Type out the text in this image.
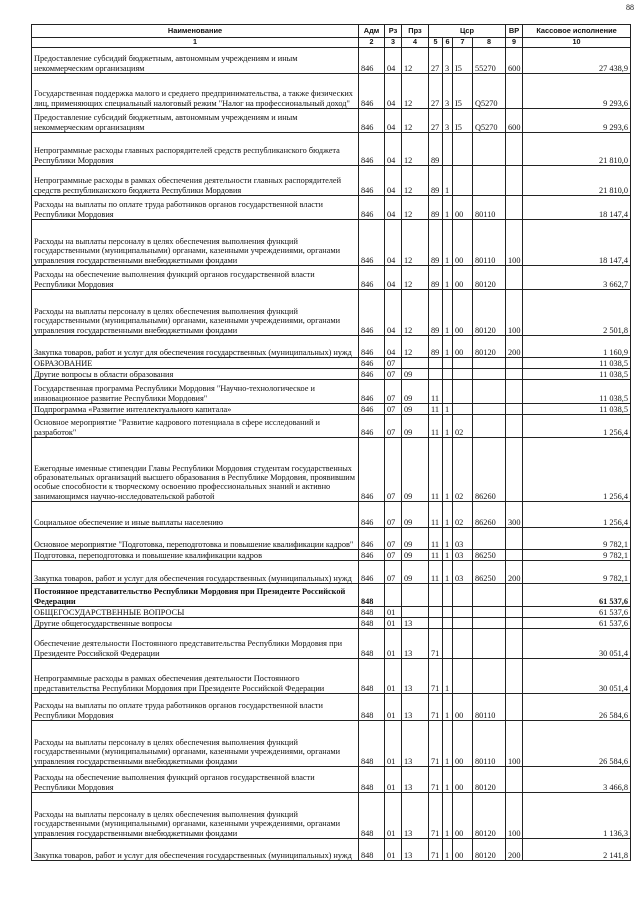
88
Наименование	Адм	Рз	Прз	Цср				ВР	Кассовое исполнение
1	2	3	4	5	6	7	8	9	10
Предоставление субсидий бюджетным, автономным учреждениям и иным некоммерческим организациям	846	04	12	27	3	I5	55270	600	27 438,9
Государственная поддержка малого и среднего предпринимательства, а также физических лиц, применяющих специальный налоговый режим "Налог на профессиональный доход"	846	04	12	27	3	I5	Q5270		9 293,6
Предоставление субсидий бюджетным, автономным учреждениям и иным некоммерческим организациям	846	04	12	27	3	I5	Q5270	600	9 293,6
Непрограммные расходы главных распорядителей средств республиканского бюджета Республики Мордовия	846	04	12	89					21 810,0
Непрограммные расходы в рамках обеспечения деятельности главных распорядителей средств республиканского бюджета Республики Мордовия	846	04	12	89	1				21 810,0
Расходы на выплаты по оплате труда работников органов государственной власти Республики Мордовия	846	04	12	89	1	00	80110		18 147,4
Расходы на выплаты персоналу в целях обеспечения выполнения функций государственными (муниципальными) органами, казенными учреждениями, органами управления государственными внебюджетными фондами	846	04	12	89	1	00	80110	100	18 147,4
Расходы на обеспечение выполнения функций органов государственной власти Республики Мордовия	846	04	12	89	1	00	80120		3 662,7
Расходы на выплаты персоналу в целях обеспечения выполнения функций государственными (муниципальными) органами, казенными учреждениями, органами управления государственными внебюджетными фондами	846	04	12	89	1	00	80120	100	2 501,8
Закупка товаров, работ и услуг для обеспечения государственных (муниципальных) нужд	846	04	12	89	1	00	80120	200	1 160,9
ОБРАЗОВАНИЕ	846	07							11 038,5
Другие вопросы в области образования	846	07	09						11 038,5
Государственная программа Республики Мордовия "Научно-технологическое и инновационное развитие Республики Мордовия"	846	07	09	11					11 038,5
Подпрограмма «Развитие интеллектуального капитала»	846	07	09	11	1				11 038,5
Основное мероприятие "Развитие кадрового потенциала в сфере исследований и разработок"	846	07	09	11	1	02			1 256,4
Ежегодные именные стипендии Главы Республики Мордовия студентам государственных образовательных организаций высшего образования в Республике Мордовия, проявившим особые способности к творческому освоению профессиональных знаний и активно занимающимся научно-исследовательской работой	846	07	09	11	1	02	86260		1 256,4
Социальное обеспечение и иные выплаты населению	846	07	09	11	1	02	86260	300	1 256,4
Основное мероприятие "Подготовка, переподготовка и повышение квалификации кадров"	846	07	09	11	1	03			9 782,1
Подготовка, переподготовка и повышение квалификации кадров	846	07	09	11	1	03	86250		9 782,1
Закупка товаров, работ и услуг для обеспечения государственных (муниципальных) нужд	846	07	09	11	1	03	86250	200	9 782,1
Постоянное представительство Республики Мордовия при Президенте Российской Федерации	848								61 537,6
ОБЩЕГОСУДАРСТВЕННЫЕ ВОПРОСЫ	848	01							61 537,6
Другие общегосударственные вопросы	848	01	13						61 537,6
Обеспечение деятельности Постоянного представительства Республики Мордовия при Президенте Российской Федерации	848	01	13	71					30 051,4
Непрограммные расходы в рамках обеспечения деятельности Постоянного представительства Республики Мордовия при Президенте Российской Федерации	848	01	13	71	1				30 051,4
Расходы на выплаты по оплате труда работников органов государственной власти Республики Мордовия	848	01	13	71	1	00	80110		26 584,6
Расходы на выплаты персоналу в целях обеспечения выполнения функций государственными (муниципальными) органами, казенными учреждениями, органами управления государственными внебюджетными фондами	848	01	13	71	1	00	80110	100	26 584,6
Расходы на обеспечение выполнения функций органов государственной власти Республики Мордовия	848	01	13	71	1	00	80120		3 466,8
Расходы на выплаты персоналу в целях обеспечения выполнения функций государственными (муниципальными) органами, казенными учреждениями, органами управления государственными внебюджетными фондами	848	01	13	71	1	00	80120	100	1 136,3
Закупка товаров, работ и услуг для обеспечения государственных (муниципальных) нужд	848	01	13	71	1	00	80120	200	2 141,8
